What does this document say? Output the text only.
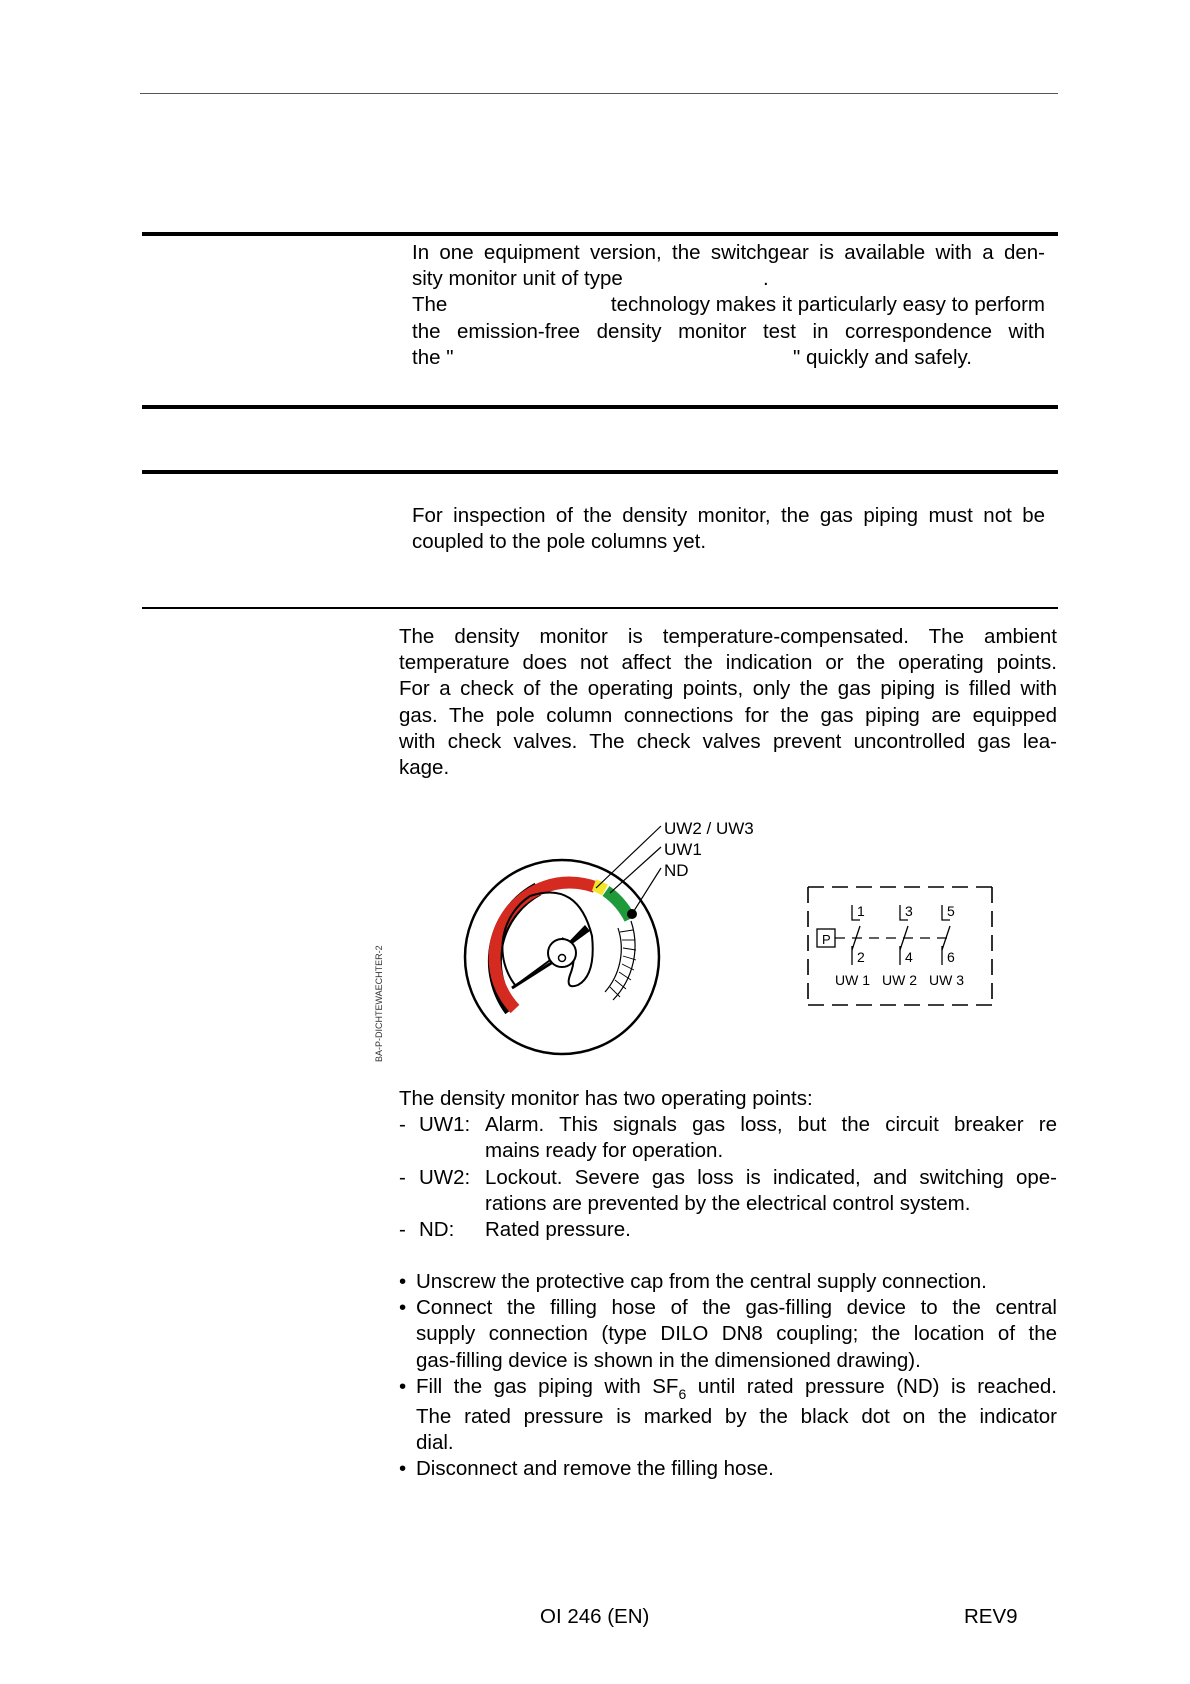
In one equipment version, the switchgear is available with a den-
sity monitor unit of type	.
The	technology makes it particularly easy to perform
the emission-free density monitor test in correspondence with
the "	" quickly and safely.
For inspection of the density monitor, the gas piping must not be
coupled to the pole columns yet.
The density monitor is temperature-compensated. The ambient
temperature does not affect the indication or the operating points.
For a check of the operating points, only the gas piping is filled with
gas. The pole column connections for the gas piping are equipped
with check valves. The check valves prevent uncontrolled gas lea-
kage.
BA-P-DICHTEWAECHTER-2
UW2 / UW3
UW1
ND
P
1	3 5
2	4 6
UW 1 UW 2 UW 3
The density monitor has two operating points:
- UW1: Alarm. This signals gas loss, but the circuit breaker re
mains ready for operation.
- UW2: Lockout. Severe gas loss is indicated, and switching ope-
rations are prevented by the electrical control system.
- ND: Rated pressure.
• Unscrew the protective cap from the central supply connection.
• Connect the filling hose of the gas-filling device to the central
supply connection (type DILO DN8 coupling; the location of the
gas-filling device is shown in the dimensioned drawing).
• Fill the gas piping with $SF_6$ until rated pressure (ND) is reached.
The rated pressure is marked by the black dot on the indicator
dial.
• Disconnect and remove the filling hose.
OI 246 (EN)	REV9
